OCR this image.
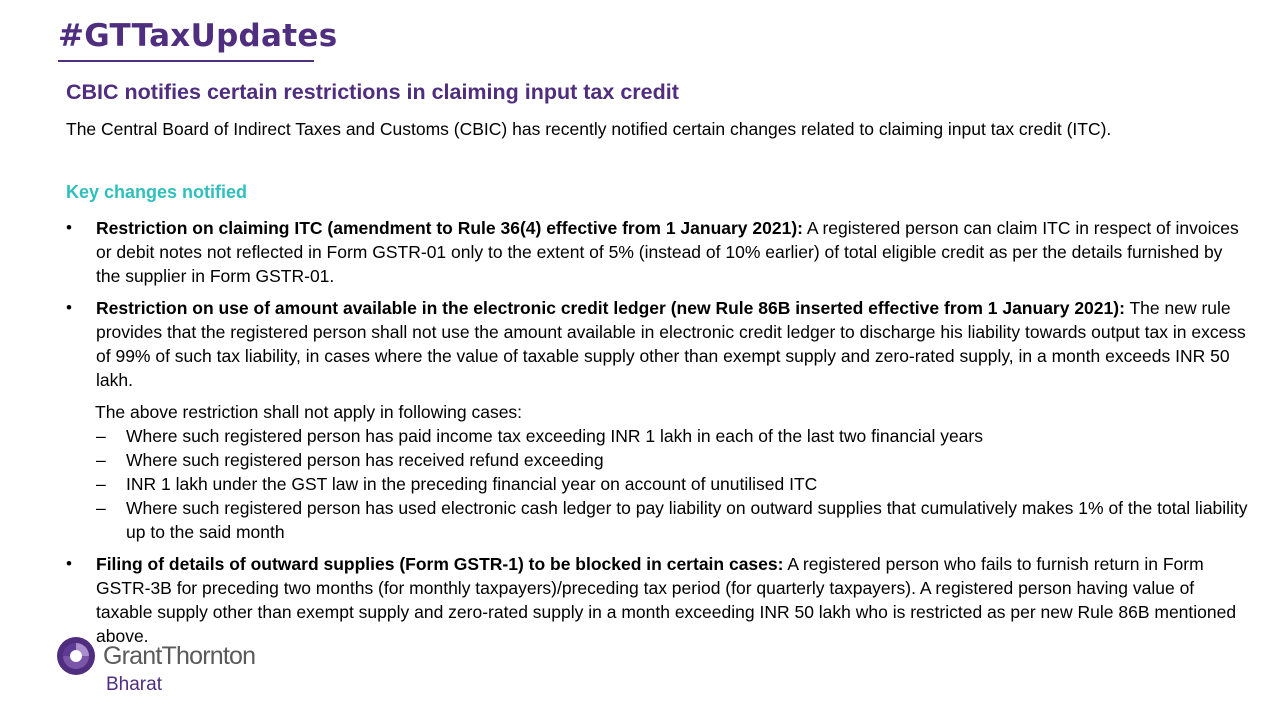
#GTTaxUpdates
CBIC notifies certain restrictions in claiming input tax credit
The Central Board of Indirect Taxes and Customs (CBIC) has recently notified certain changes related to claiming input tax credit (ITC).
Key changes notified
• Restriction on claiming ITC (amendment to Rule 36(4) effective from 1 January 2021): A registered person can claim ITC in respect of invoices or debit notes not reflected in Form GSTR-01 only to the extent of 5% (instead of 10% earlier) of total eligible credit as per the details furnished by the supplier in Form GSTR-01.
• Restriction on use of amount available in the electronic credit ledger (new Rule 86B inserted effective from 1 January 2021): The new rule provides that the registered person shall not use the amount available in electronic credit ledger to discharge his liability towards output tax in excess of 99% of such tax liability, in cases where the value of taxable supply other than exempt supply and zero-rated supply, in a month exceeds INR 50 lakh.
The above restriction shall not apply in following cases:
– Where such registered person has paid income tax exceeding INR 1 lakh in each of the last two financial years
– Where such registered person has received refund exceeding
– INR 1 lakh under the GST law in the preceding financial year on account of unutilised ITC
– Where such registered person has used electronic cash ledger to pay liability on outward supplies that cumulatively makes 1% of the total liability up to the said month
• Filing of details of outward supplies (Form GSTR-1) to be blocked in certain cases: A registered person who fails to furnish return in Form GSTR-3B for preceding two months (for monthly taxpayers)/preceding tax period (for quarterly taxpayers). A registered person having value of taxable supply other than exempt supply and zero-rated supply in a month exceeding INR 50 lakh who is restricted as per new Rule 86B mentioned above.
GrantThornton
Bharat
